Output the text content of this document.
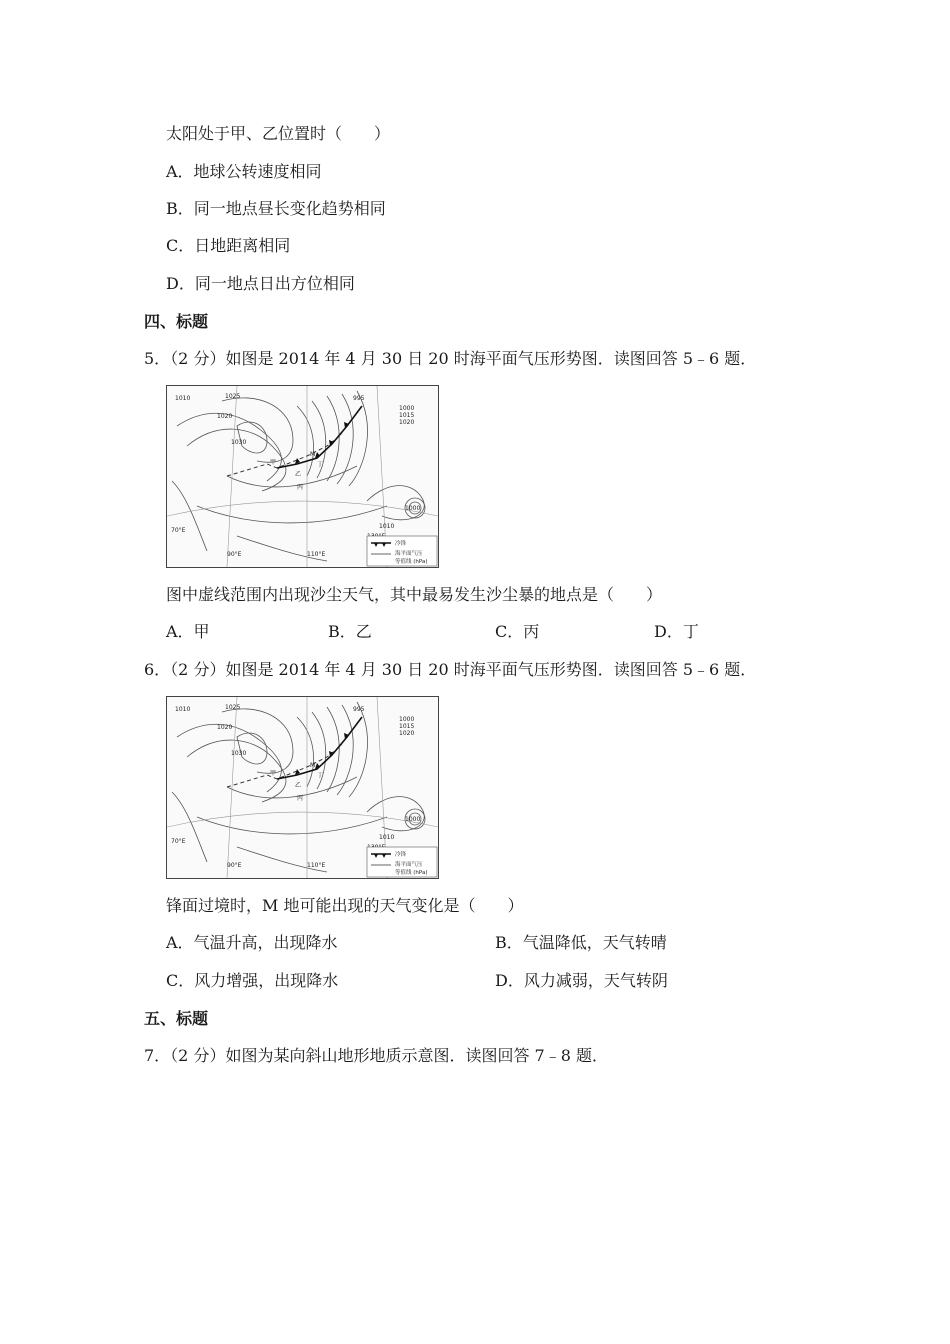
太阳处于甲、乙位置时（　　）
A．地球公转速度相同
B．同一地点昼长变化趋势相同
C．日地距离相同
D．同一地点日出方位相同
四、标题
5．（2 分）如图是 2014 年 4 月 30 日 20 时海平面气压形势图．读图回答 5﹣6 题．
1010	1025
1020
1030
995
1000
1015
1020
1010
1000
甲
乙
丙
丁
M
70°E
90°E	110°E
冷锋
海平面气压
等值线 (hPa)
图中虚线范围内出现沙尘天气，其中最易发生沙尘暴的地点是（　　）
A．甲	B．乙	C．丙	D．丁
6．（2 分）如图是 2014 年 4 月 30 日 20 时海平面气压形势图．读图回答 5﹣6 题．
1010	1025
1020
1030
995
1000
1015
1020
1010
1000
甲
乙
丙
丁
M
70°E
90°E	110°E
冷锋
海平面气压
等值线 (hPa)
锋面过境时，M 地可能出现的天气变化是（　　）
A．气温升高，出现降水	B．气温降低，天气转晴
C．风力增强，出现降水	D．风力减弱，天气转阴
五、标题
7．（2 分）如图为某向斜山地形地质示意图．读图回答 7﹣8 题．
